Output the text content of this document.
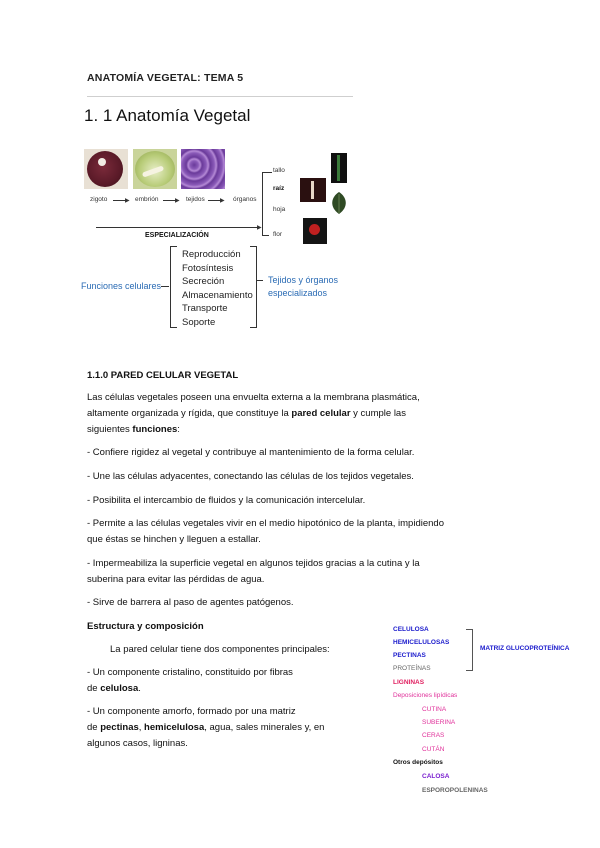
ANATOMÍA VEGETAL: TEMA 5
1. 1 Anatomía Vegetal
zigoto	▶ embrión	▶ tejidos	▶ órganos
tallo
raíz
hoja
flor
▶
ESPECIALIZACIÓN
Funciones celulares
Reproducción
Fotosíntesis
Secreción
Almacenamiento
Transporte
Soporte
Tejidos y órganos
especializados
1.1.0 PARED CELULAR VEGETAL
Las células vegetales poseen una envuelta externa a la membrana plasmática,
altamente organizada y rígida, que constituye la pared celular y cumple las
siguientes funciones:
- Confiere rigidez al vegetal y contribuye al mantenimiento de la forma celular.
- Une las células adyacentes, conectando las células de los tejidos vegetales.
- Posibilita el intercambio de fluidos y la comunicación intercelular.
- Permite a las células vegetales vivir en el medio hipotónico de la planta, impidiendo
que éstas se hinchen y lleguen a estallar.
- Impermeabiliza la superficie vegetal en algunos tejidos gracias a la cutina y la
suberina para evitar las pérdidas de agua.
- Sirve de barrera al paso de agentes patógenos.
Estructura y composición
La pared celular tiene dos componentes principales:
- Un componente cristalino, constituido por fibras
de celulosa.
- Un componente amorfo, formado por una matriz
de pectinas, hemicelulosa, agua, sales minerales y, en
algunos casos, ligninas.
CELULOSA
HEMICELULOSAS
PECTINAS
PROTEÍNAS
LIGNINAS
Deposiciones lipídicas
CUTINA
SUBERINA
CERAS
CUTÁN
Otros depósitos
CALOSA
ESPOROPOLENINAS
MATRIZ GLUCOPROTEÍNICA
